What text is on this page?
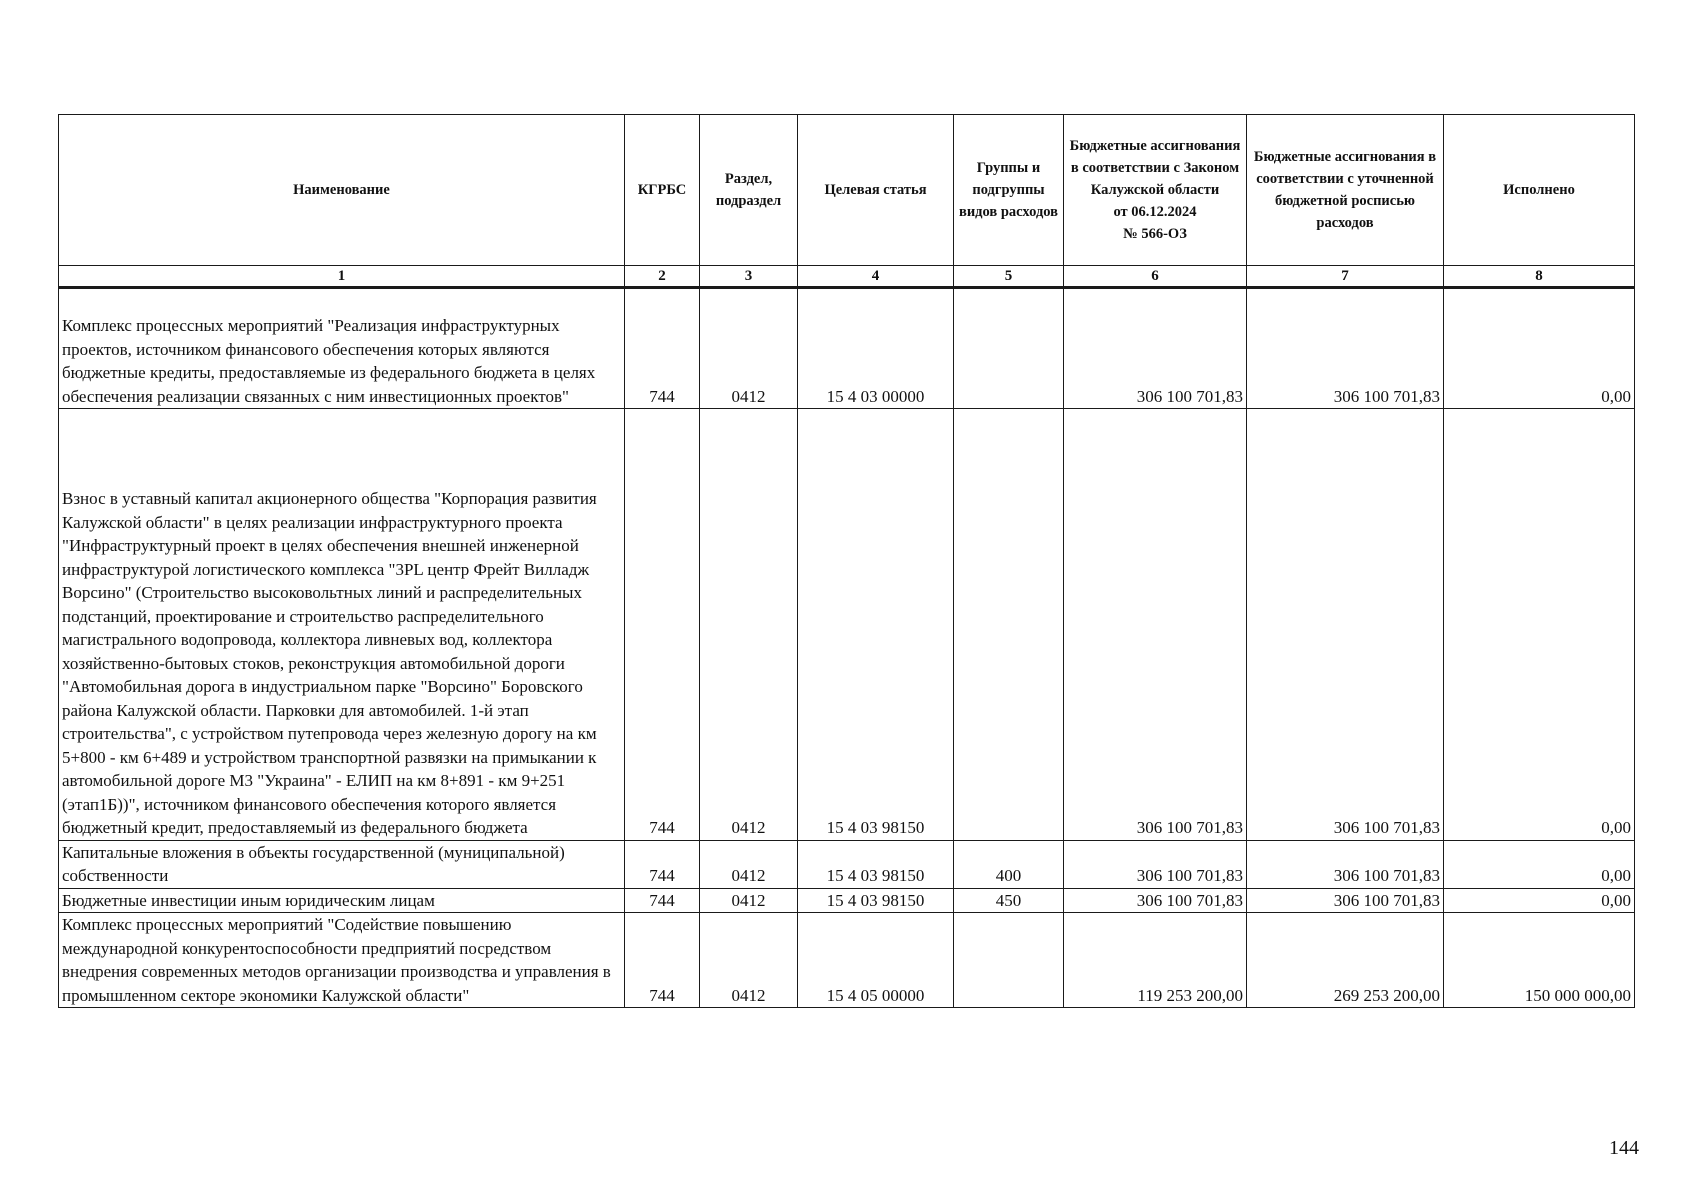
Наименование	КГРБС	Раздел, подраздел	Целевая статья	Группы и подгруппы видов расходов	Бюджетные ассигнования в соответствии с Законом Калужской области
от 06.12.2024
№ 566-ОЗ	Бюджетные ассигнования в соответствии с уточненной бюджетной росписью расходов	Исполнено
1	2	3	4	5	6	7	8
Комплекс процессных мероприятий "Реализация инфраструктурных проектов, источником финансового обеспечения которых являются бюджетные кредиты, предоставляемые из федерального бюджета в целях обеспечения реализации связанных с ним инвестиционных проектов"	744	0412	15 4 03 00000		306 100 701,83	306 100 701,83	0,00
Взнос в уставный капитал акционерного общества "Корпорация развития Калужской области" в целях реализации инфраструктурного проекта "Инфраструктурный проект в целях обеспечения внешней инженерной инфраструктурой логистического комплекса "3PL центр Фрейт Вилладж Ворсино" (Строительство высоковольтных линий и распределительных подстанций, проектирование и строительство распределительного магистрального водопровода, коллектора ливневых вод, коллектора хозяйственно-бытовых стоков, реконструкция автомобильной дороги "Автомобильная дорога в индустриальном парке "Ворсино" Боровского района Калужской области. Парковки для автомобилей. 1-й этап строительства", с устройством путепровода через железную дорогу на км 5+800 - км 6+489 и устройством транспортной развязки на примыкании к автомобильной дороге М3 "Украина" - ЕЛИП на км 8+891 - км 9+251 (этап1Б))", источником финансового обеспечения которого является бюджетный кредит, предоставляемый из федерального бюджета	744	0412	15 4 03 98150		306 100 701,83	306 100 701,83	0,00
Капитальные вложения в объекты государственной (муниципальной) собственности	744	0412	15 4 03 98150	400	306 100 701,83	306 100 701,83	0,00
Бюджетные инвестиции иным юридическим лицам	744	0412	15 4 03 98150	450	306 100 701,83	306 100 701,83	0,00
Комплекс процессных мероприятий "Содействие повышению международной конкурентоспособности предприятий посредством внедрения современных методов организации производства и управления в промышленном секторе экономики Калужской области"	744	0412	15 4 05 00000		119 253 200,00	269 253 200,00	150 000 000,00
144
